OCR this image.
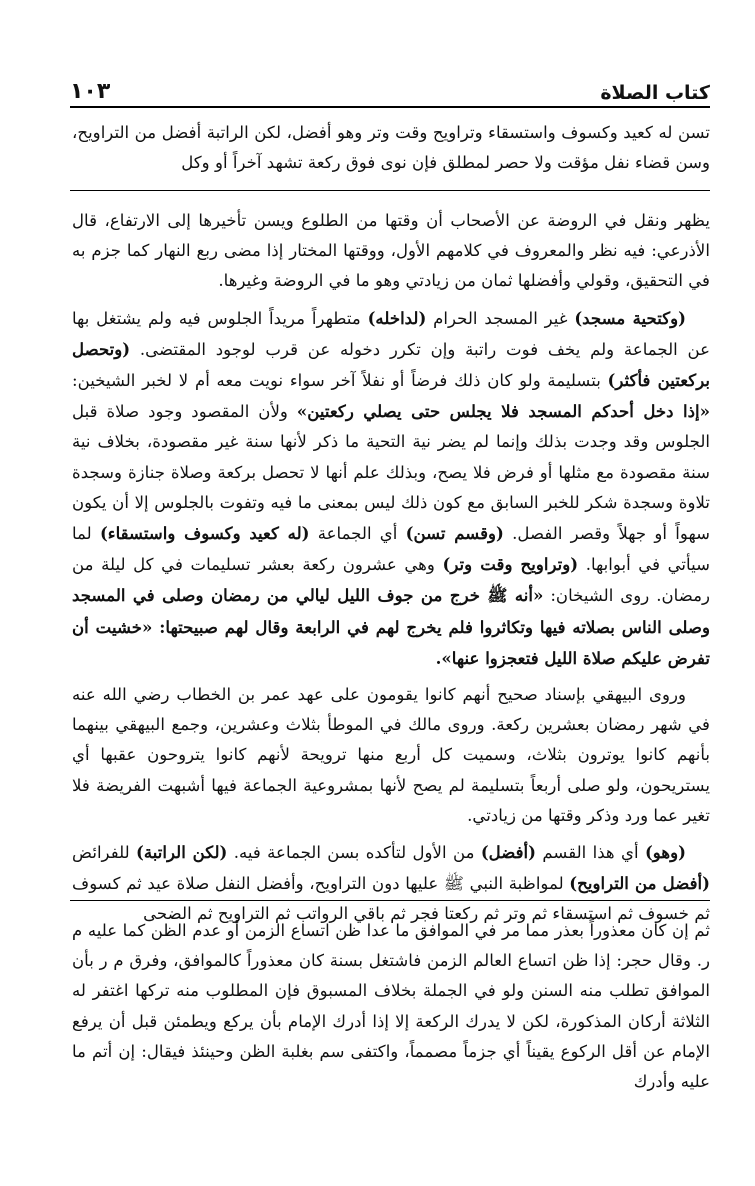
كتاب الصلاة
١٠٣

تسن له كعيد وكسوف واستسقاء وتراويح وقت وتر وهو أفضل، لكن الراتبة أفضل من التراويح، وسن قضاء نفل مؤقت ولا حصر لمطلق فإن نوى فوق ركعة تشهد آخراً أو وكل

يظهر ونقل في الروضة عن الأصحاب أن وقتها من الطلوع ويسن تأخيرها إلى الارتفاع، قال الأذرعي: فيه نظر والمعروف في كلامهم الأول، ووقتها المختار إذا مضى ربع النهار كما جزم به في التحقيق، وقولي وأفضلها ثمان من زيادتي وهو ما في الروضة وغيرها.

(وكتحية مسجد) غير المسجد الحرام (لداخله) متطهراً مريداً الجلوس فيه ولم يشتغل بها عن الجماعة ولم يخف فوت راتبة وإن تكرر دخوله عن قرب لوجود المقتضى. (وتحصل بركعتين فأكثر) بتسليمة ولو كان ذلك فرضاً أو نفلاً آخر سواء نويت معه أم لا لخبر الشيخين: «إذا دخل أحدكم المسجد فلا يجلس حتى يصلي ركعتين» ولأن المقصود وجود صلاة قبل الجلوس وقد وجدت بذلك وإنما لم يضر نية التحية ما ذكر لأنها سنة غير مقصودة، بخلاف نية سنة مقصودة مع مثلها أو فرض فلا يصح، وبذلك علم أنها لا تحصل بركعة وصلاة جنازة وسجدة تلاوة وسجدة شكر للخبر السابق مع كون ذلك ليس بمعنى ما فيه وتفوت بالجلوس إلا أن يكون سهواً أو جهلاً وقصر الفصل. (وقسم تسن) أي الجماعة (له كعيد وكسوف واستسقاء) لما سيأتي في أبوابها. (وتراويح وقت وتر) وهي عشرون ركعة بعشر تسليمات في كل ليلة من رمضان. روى الشيخان: «أنه ﷺ خرج من جوف الليل ليالي من رمضان وصلى في المسجد وصلى الناس بصلاته فيها وتكاثروا فلم يخرج لهم في الرابعة وقال لهم صبيحتها: «خشيت أن تفرض عليكم صلاة الليل فتعجزوا عنها».

وروى البيهقي بإسناد صحيح أنهم كانوا يقومون على عهد عمر بن الخطاب رضي الله عنه في شهر رمضان بعشرين ركعة. وروى مالك في الموطأ بثلاث وعشرين، وجمع البيهقي بينهما بأنهم كانوا يوترون بثلاث، وسميت كل أربع منها ترويحة لأنهم كانوا يتروحون عقبها أي يستريحون، ولو صلى أربعاً بتسليمة لم يصح لأنها بمشروعية الجماعة فيها أشبهت الفريضة فلا تغير عما ورد وذكر وقتها من زيادتي.

(وهو) أي هذا القسم (أفضل) من الأول لتأكده بسن الجماعة فيه. (لكن الراتبة) للفرائض (أفضل من التراويح) لمواظبة النبي ﷺ عليها دون التراويح، وأفضل النفل صلاة عيد ثم كسوف ثم خسوف ثم استسقاء ثم وتر ثم ركعتا فجر ثم باقي الرواتب ثم التراويح ثم الضحى

ثم إن كان معذوراً بعذر مما مر في الموافق ما عدا ظن اتساع الزمن أو عدم الظن كما عليه م ر. وقال حجر: إذا ظن اتساع العالم الزمن فاشتغل بسنة كان معذوراً كالموافق، وفرق م ر بأن الموافق تطلب منه السنن ولو في الجملة بخلاف المسبوق فإن المطلوب منه تركها اغتفر له الثلاثة أركان المذكورة، لكن لا يدرك الركعة إلا إذا أدرك الإمام بأن يركع ويطمئن قبل أن يرفع الإمام عن أقل الركوع يقيناً أي جزماً مصمماً، واكتفى سم بغلبة الظن وحينئذ فيقال: إن أتم ما عليه وأدرك
